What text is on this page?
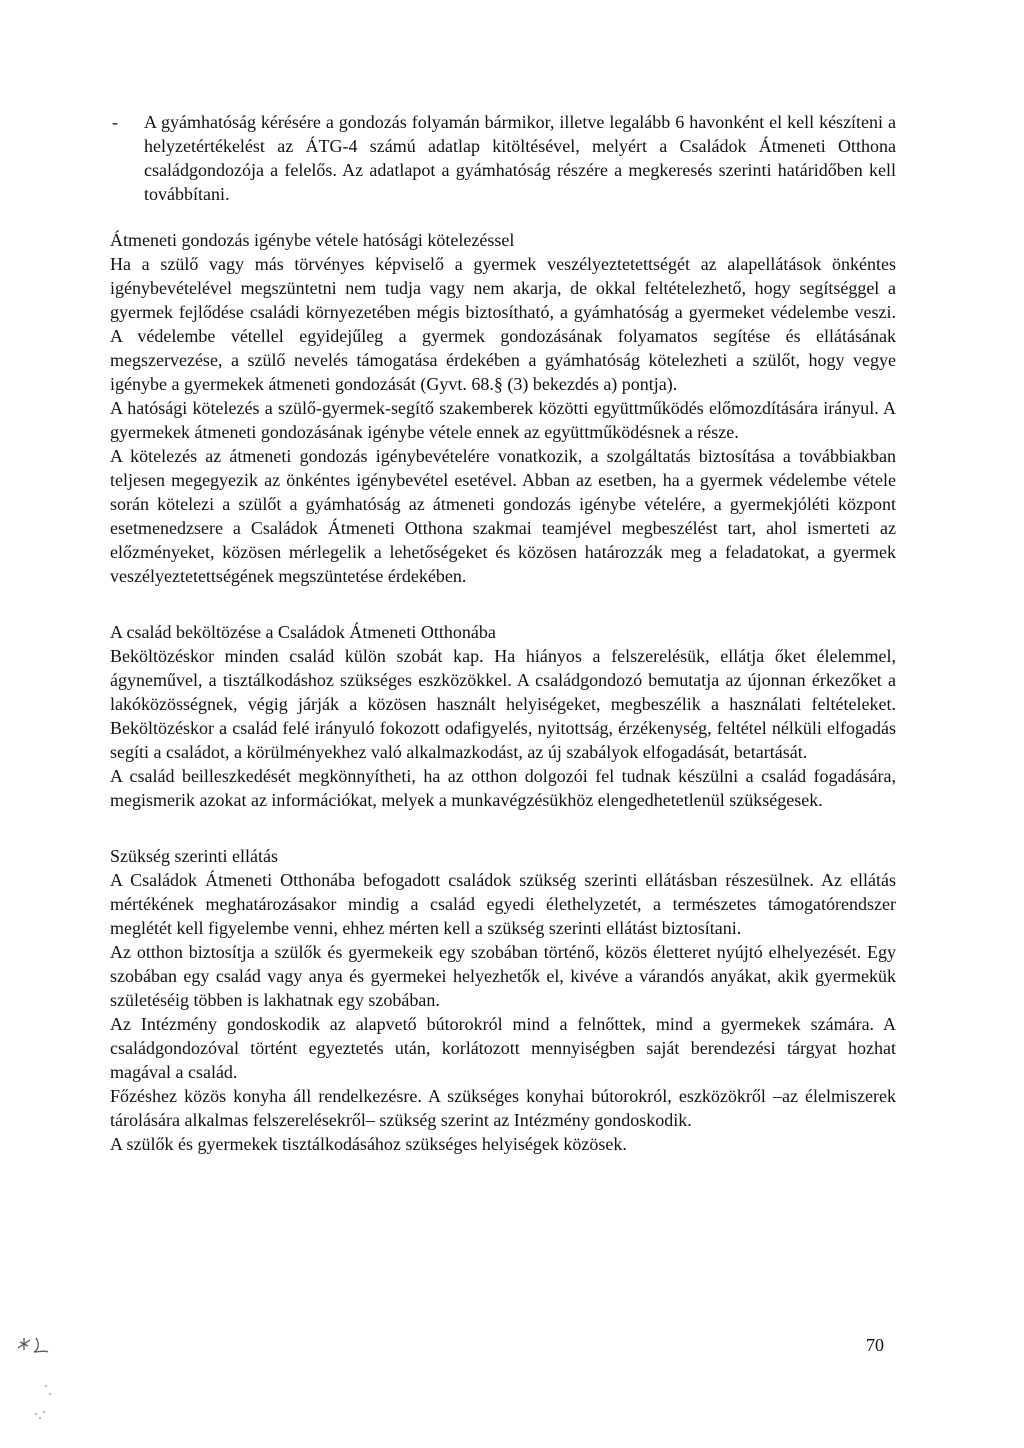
-	A gyámhatóság kérésére a gondozás folyamán bármikor, illetve legalább 6 havonként el kell készíteni a helyzetértékelést az ÁTG-4 számú adatlap kitöltésével, melyért a Családok Átmeneti Otthona családgondozója a felelős. Az adatlapot a gyámhatóság részére a megkeresés szerinti határidőben kell továbbítani.

Átmeneti gondozás igénybe vétele hatósági kötelezéssel

Ha a szülő vagy más törvényes képviselő a gyermek veszélyeztetettségét az alapellátások önkéntes igénybevételével megszüntetni nem tudja vagy nem akarja, de okkal feltételezhető, hogy segítséggel a gyermek fejlődése családi környezetében mégis biztosítható, a gyámhatóság a gyermeket védelembe veszi. A védelembe vétellel egyidejűleg a gyermek gondozásának folyamatos segítése és ellátásának megszervezése, a szülő nevelés támogatása érdekében a gyámhatóság kötelezheti a szülőt, hogy vegye igénybe a gyermekek átmeneti gondozását (Gyvt. 68.§ (3) bekezdés a) pontja).

A hatósági kötelezés a szülő-gyermek-segítő szakemberek közötti együttműködés előmozdítására irányul. A gyermekek átmeneti gondozásának igénybe vétele ennek az együttműködésnek a része.

A kötelezés az átmeneti gondozás igénybevételére vonatkozik, a szolgáltatás biztosítása a továbbiakban teljesen megegyezik az önkéntes igénybevétel esetével. Abban az esetben, ha a gyermek védelembe vétele során kötelezi a szülőt a gyámhatóság az átmeneti gondozás igénybe vételére, a gyermekjóléti központ esetmenedzsere a Családok Átmeneti Otthona szakmai teamjével megbeszélést tart, ahol ismerteti az előzményeket, közösen mérlegelik a lehetőségeket és közösen határozzák meg a feladatokat, a gyermek veszélyeztetettségének megszüntetése érdekében.

A család beköltözése a Családok Átmeneti Otthonába

Beköltözéskor minden család külön szobát kap. Ha hiányos a felszerelésük, ellátja őket élelemmel, ágyneművel, a tisztálkodáshoz szükséges eszközökkel. A családgondozó bemutatja az újonnan érkezőket a lakóközösségnek, végig járják a közösen használt helyiségeket, megbeszélik a használati feltételeket. Beköltözéskor a család felé irányuló fokozott odafigyelés, nyitottság, érzékenység, feltétel nélküli elfogadás segíti a családot, a körülményekhez való alkalmazkodást, az új szabályok elfogadását, betartását.

A család beilleszkedését megkönnyítheti, ha az otthon dolgozói fel tudnak készülni a család fogadására, megismerik azokat az információkat, melyek a munkavégzésükhöz elengedhetetlenül szükségesek.

Szükség szerinti ellátás

A Családok Átmeneti Otthonába befogadott családok szükség szerinti ellátásban részesülnek. Az ellátás mértékének meghatározásakor mindig a család egyedi élethelyzetét, a természetes támogatórendszer meglétét kell figyelembe venni, ehhez mérten kell a szükség szerinti ellátást biztosítani.

Az otthon biztosítja a szülők és gyermekeik egy szobában történő, közös életteret nyújtó elhelyezését. Egy szobában egy család vagy anya és gyermekei helyezhetők el, kivéve a várandós anyákat, akik gyermekük születéséig többen is lakhatnak egy szobában.

Az Intézmény gondoskodik az alapvető bútorokról mind a felnőttek, mind a gyermekek számára. A családgondozóval történt egyeztetés után, korlátozott mennyiségben saját berendezési tárgyat hozhat magával a család.

Főzéshez közös konyha áll rendelkezésre. A szükséges konyhai bútorokról, eszközökről –az élelmiszerek tárolására alkalmas felszerelésekről– szükség szerint az Intézmény gondoskodik.

A szülők és gyermekek tisztálkodásához szükséges helyiségek közösek.

70
